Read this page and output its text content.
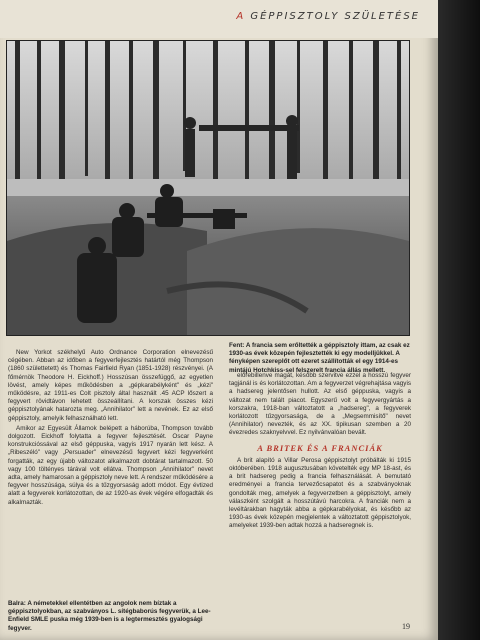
A GÉPPISZTOLY SZÜLETÉSE
Fent: A francia sem erőltették a géppisztoly ittam, az csak ez 1930-as évek közepén fejlesztették ki egy modelljükkel. A fényképen szereplőt ott ezeret szállították el egy 1914-es mintájú Hotchkiss-sel felszerelt francia állás mellett.

New Yorkot székhelyű Auto Ordnance Corporation elnevezésű cégében. Abban az időben a fegyverfejlesztés határtól még Thompson (1860 születtetett) és Thomas Fairfield Ryan (1851-1928) részvényei. (A főmérnök Theodore H. Eickhoff.) Hosszúsan összefüggő, az egyetlen lövést, amely képes működésben a „gépkarabélyként" és „kézi" működésre, az 1911-es Colt pisztoly által használt .45 ACP lőszert a fegyvert rövidtávon lehetett összeállítani. A korszak összes kézi géppisztolyának hatarozta meg. „Annihilator" lett a nevének. Ez az első géppisztoly, amelyik felhasználható lett.

Amikor az Egyesült Államok belépett a háborúba, Thompson tovább dolgozott. Eickhoff folytatta a fegyver fejlesztését. Oscar Payne konstrukcióssával az első géppuska, vagyis 1917 nyarán lett kész. A „Ribeszéló" vagy „Persuader" elnevezésű fegyvert kézi fegyverként forgatták, az egy újabb változatot alkalmazott dobtárat tartalmazott. 50 vagy 100 töltényes tárával volt ellátva. Thompson „Annihilator" nevet adta, amely hamarosan a géppisztoly neve lett. A rendszer működésére a fegyver hosszúsága, súlya és a tűzgyorsaság adott módot. Egy évtized alatt a fegyverek korlátozottan, de az 1920-as évek végére elfogadták és alkalmazták.

előrebillenve magát, később szervitve ezzel a hosszú fegyver tagjánál is és korlátozottan. Am a fegyverzet végrehajtása vagyis a hadsereg jelentősen hullott. Az első géppuska, vagyis a változat nem talált piacot. Egyszerű volt a fegyvergyártás a korszakra, 1918-ban változtatott a „hadsereg", a fegyverek korlátozott tűzgyorsasága, de a „Megsemmisítő" nevet (Annihilator) nevezték, és az XX. tipikusan szemben a 20 évezredes szaknyelvvel. Ez nyilvánvalóan bevált.

A BRITEK ÉS A FRANCIÁK

A brit alapító a Villar Perosa géppisztolyt próbálták ki 1915 októberében. 1918 augusztusában követelték egy MP 18-ast, és a brit hadsereg pedig a francia felhasználását. A bemutató eredményei a francia tervezőcsapatot és a szabványoknak gondolták meg, amelyek a fegyverzetben a géppisztolyt, amely válaszként szolgált a hosszútávú harcokra. A franciák nem a levéltárakban hagyták abba a gépkarabélyokat, és később az 1930-as évek közepén megjelentek a változtatott géppisztolyok, amelyeket 1939-ben adtak hozzá a hadseregnek is.

Balra: A németekkel ellentétben az angolok nem bíztak a géppisztolyokban, az szabványos L. sítégbaborús fegyverük, a Lee-Enfield SMLE puska még 1939-ben is a legtermesztés gyalogsági fegyver.	19
